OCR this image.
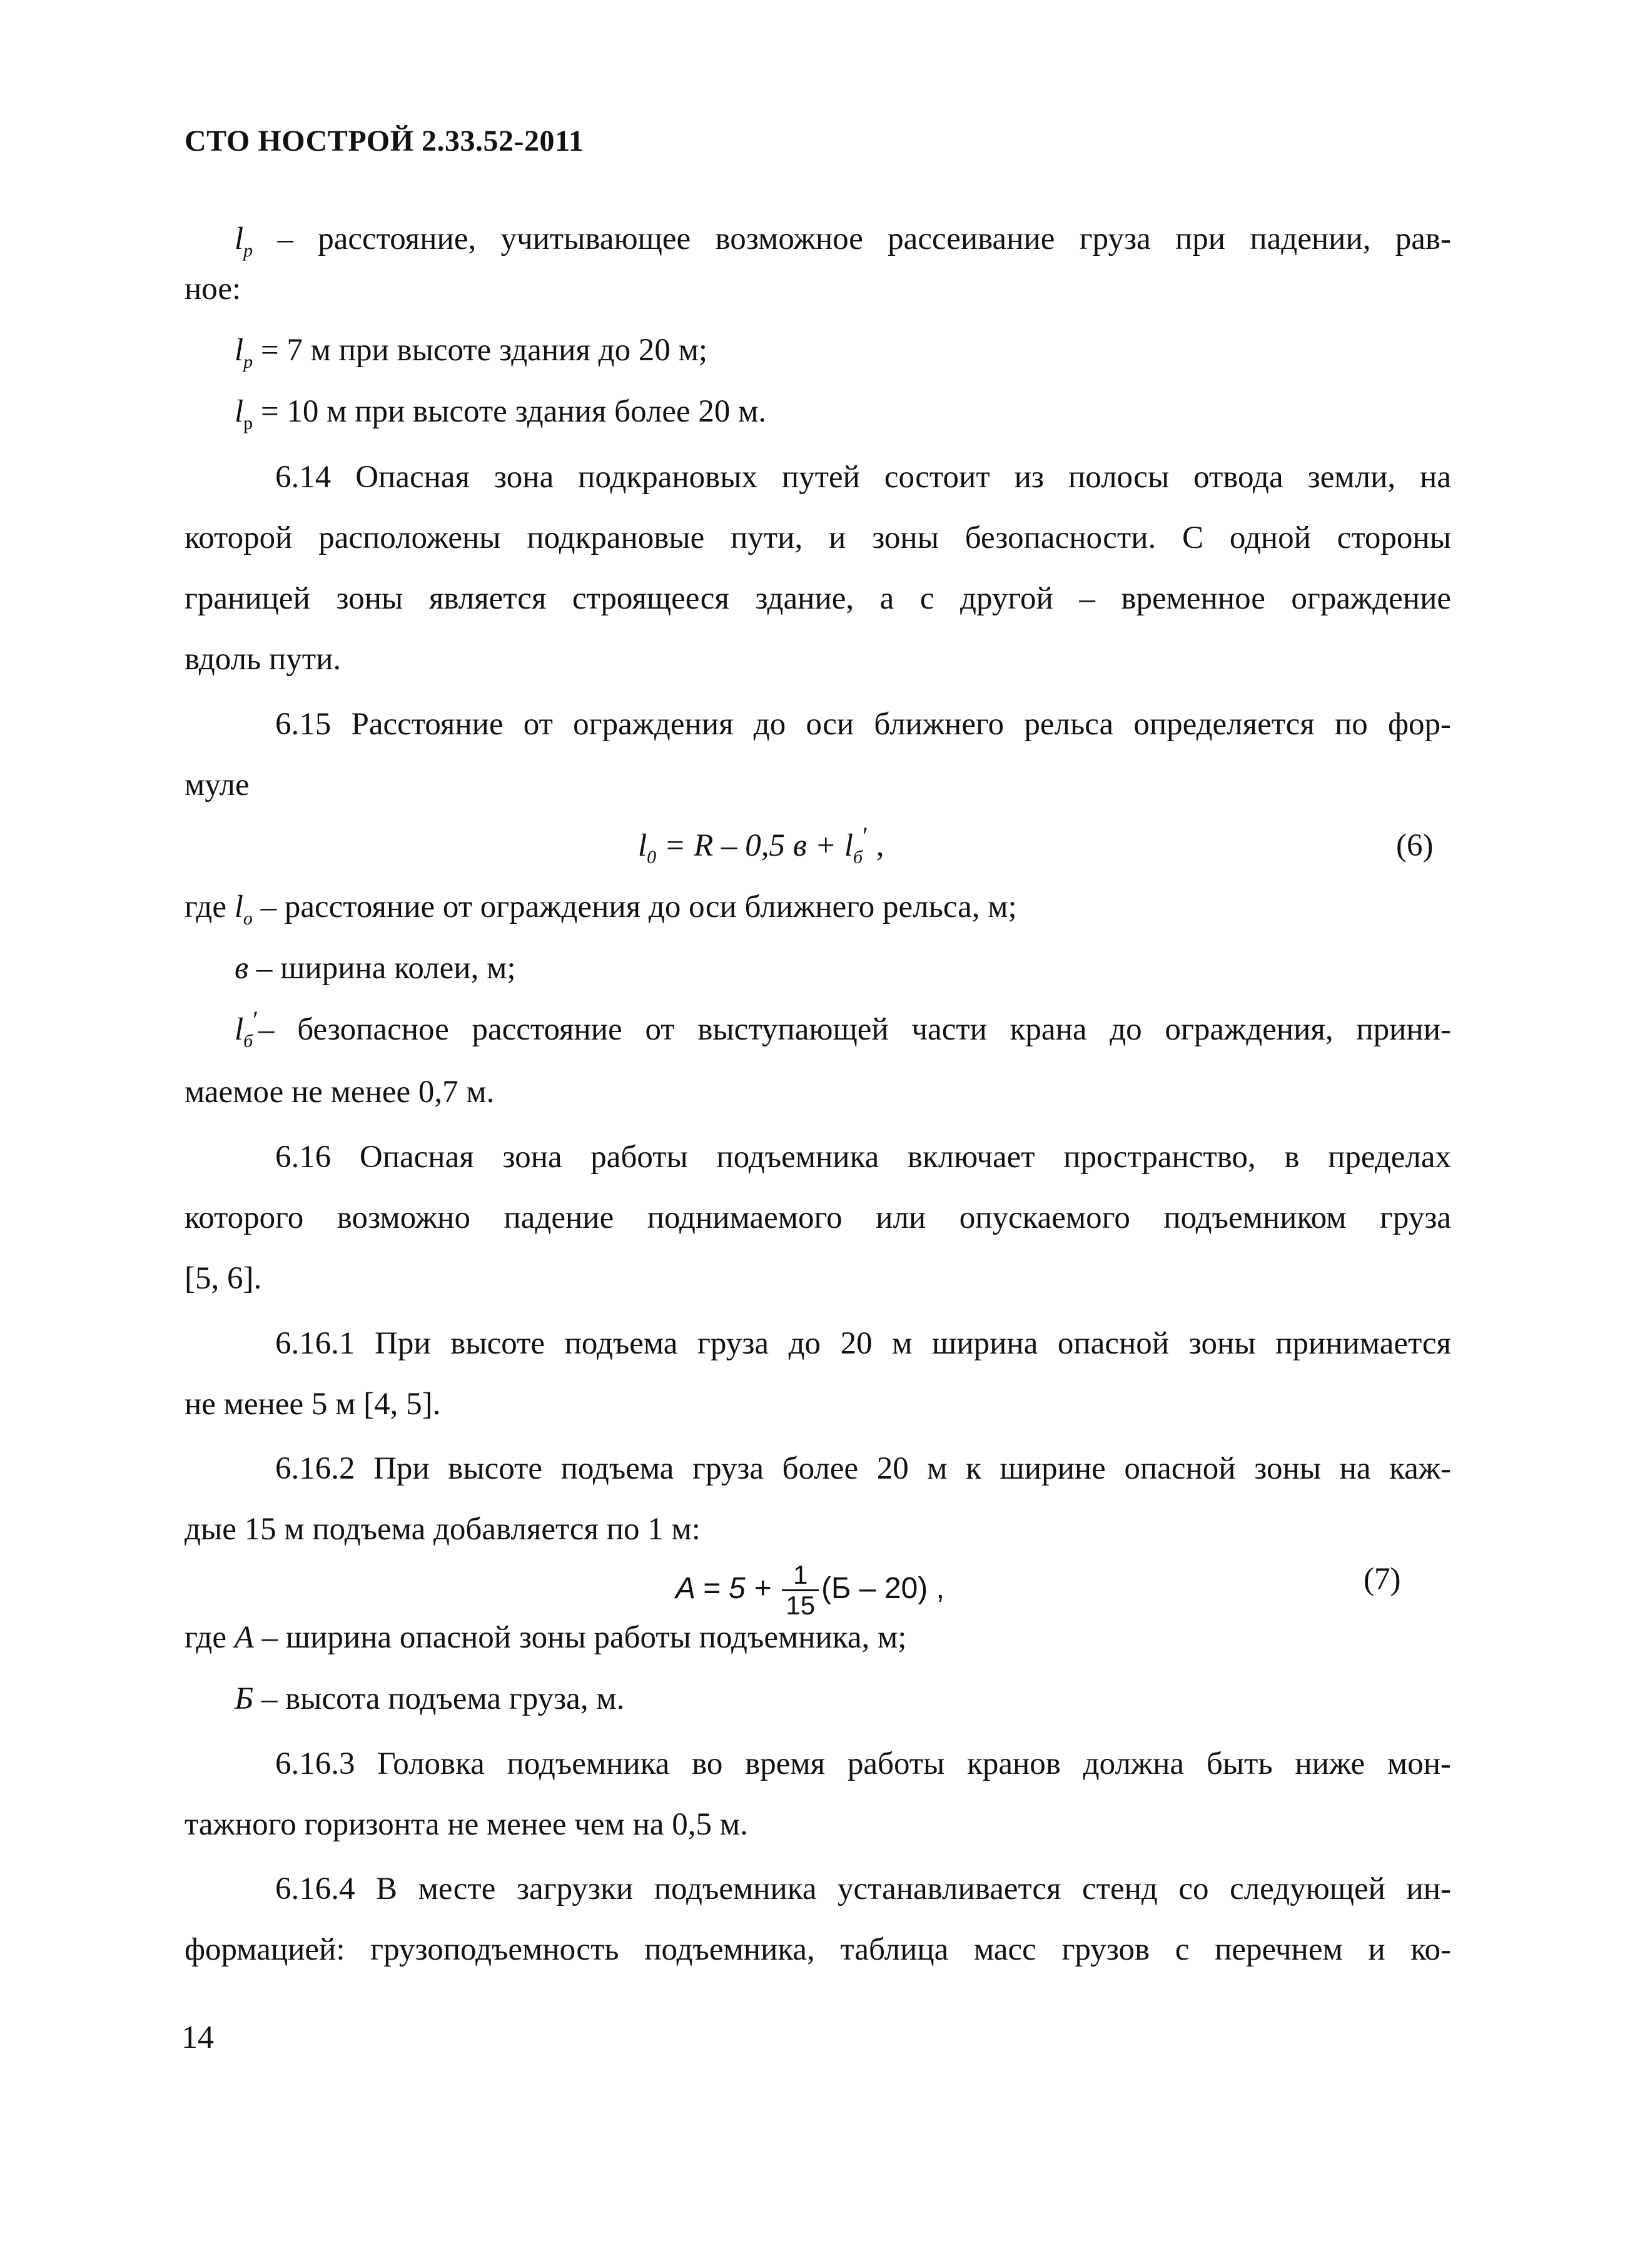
СТО НОСТРОЙ 2.33.52-2011
$l_p$ – расстояние, учитывающее возможное рассеивание груза при падении, рав-
ное:
$l_p = 7$ м при высоте здания до 20 м;
$l_р = 10$ м при высоте здания более 20 м.
6.14 Опасная зона подкрановых путей состоит из полосы отвода земли, на
которой расположены подкрановые пути, и зоны безопасности. С одной стороны
границей зоны является строящееся здание, а с другой – временное ограждение
вдоль пути.
6.15 Расстояние от ограждения до оси ближнего рельса определяется по фор-
муле
$l_0 = R - 0,5$ $в + l_б'$ ,	(6)
где $l_о$ – расстояние от ограждения до оси ближнего рельса, м;
в – ширина колеи, м;
$l_б'-$ безопасное расстояние от выступающей части крана до ограждения, прини-
маемое не менее 0,7 м.
6.16 Опасная зона работы подъемника включает пространство, в пределах
которого возможно падение поднимаемого или опускаемого подъемником груза
[5, 6].
6.16.1 При высоте подъема груза до 20 м ширина опасной зоны принимается
не менее 5 м [4, 5].
6.16.2 При высоте подъема груза более 20 м к ширине опасной зоны на каж-
дые 15 м подъема добавляется по 1 м:
$A = 5 + \frac{1}{15} (Б - 20)$ ,	(7)
где А – ширина опасной зоны работы подъемника, м;
Б – высота подъема груза, м.
6.16.3 Головка подъемника во время работы кранов должна быть ниже мон-
тажного горизонта не менее чем на 0,5 м.
6.16.4 В месте загрузки подъемника устанавливается стенд со следующей ин-
формацией: грузоподъемность подъемника, таблица масс грузов с перечнем и ко-
14
